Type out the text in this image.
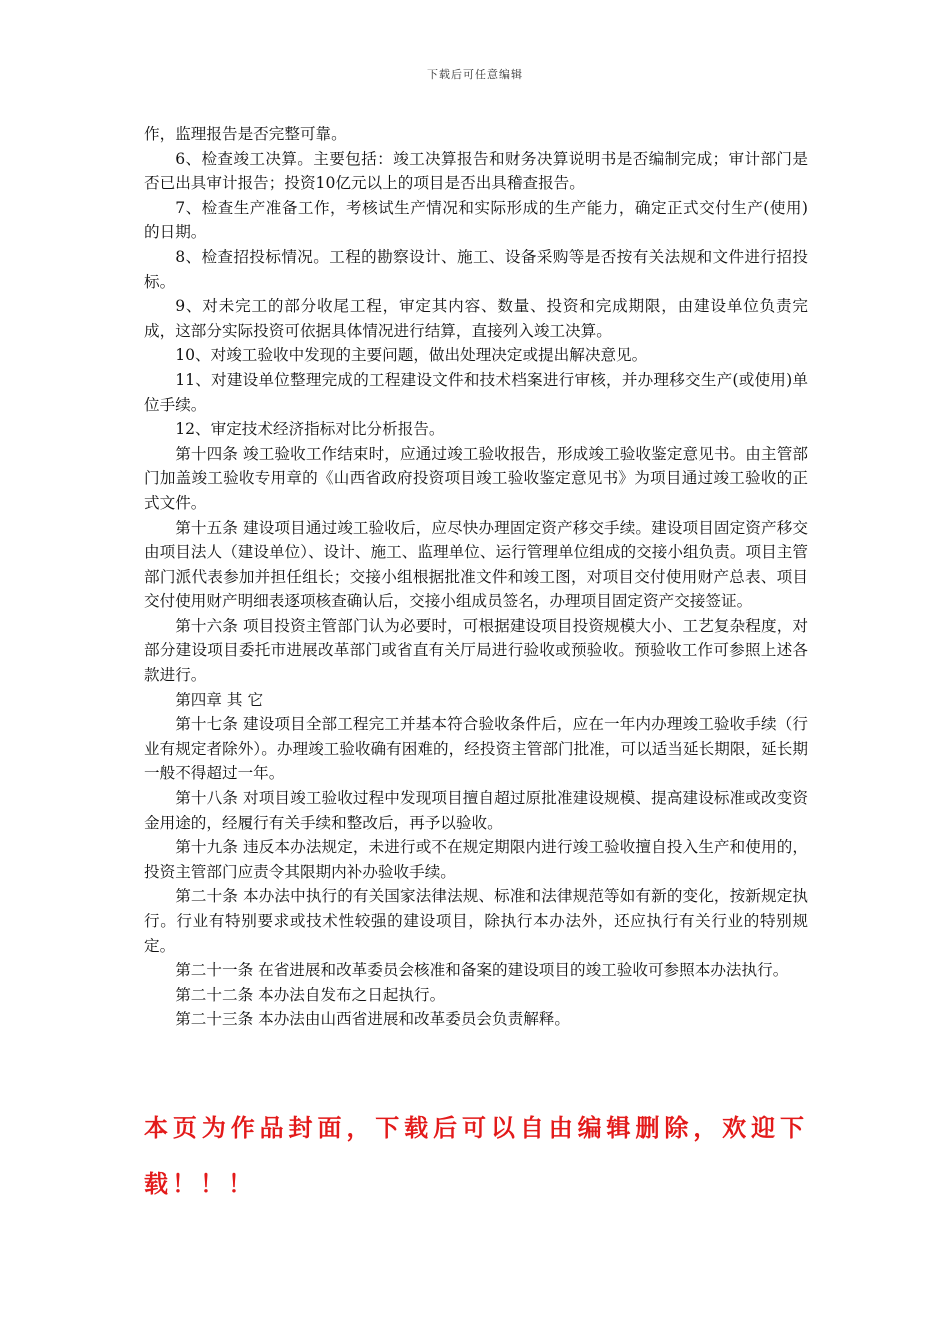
下载后可任意编辑

作，监理报告是否完整可靠。

6、检查竣工决算。主要包括：竣工决算报告和财务决算说明书是否编制完成；审计部门是否已出具审计报告；投资10亿元以上的项目是否出具稽查报告。

7、检查生产准备工作，考核试生产情况和实际形成的生产能力，确定正式交付生产(使用) 的日期。

8、检查招投标情况。工程的勘察设计、施工、设备采购等是否按有关法规和文件进行招投标。

9、对未完工的部分收尾工程，审定其内容、数量、投资和完成期限，由建设单位负责完成，这部分实际投资可依据具体情况进行结算，直接列入竣工决算。

10、对竣工验收中发现的主要问题，做出处理决定或提出解决意见。

11、对建设单位整理完成的工程建设文件和技术档案进行审核，并办理移交生产(或使用)单位手续。

12、审定技术经济指标对比分析报告。

第十四条 竣工验收工作结束时，应通过竣工验收报告，形成竣工验收鉴定意见书。由主管部门加盖竣工验收专用章的《山西省政府投资项目竣工验收鉴定意见书》为项目通过竣工验收的正式文件。

第十五条 建设项目通过竣工验收后，应尽快办理固定资产移交手续。建设项目固定资产移交由项目法人（建设单位）、设计、施工、监理单位、运行管理单位组成的交接小组负责。项目主管部门派代表参加并担任组长；交接小组根据批准文件和竣工图，对项目交付使用财产总表、项目交付使用财产明细表逐项核查确认后，交接小组成员签名，办理项目固定资产交接签证。

第十六条 项目投资主管部门认为必要时，可根据建设项目投资规模大小、工艺复杂程度，对部分建设项目委托市进展改革部门或省直有关厅局进行验收或预验收。预验收工作可参照上述各款进行。

第四章 其 它

第十七条 建设项目全部工程完工并基本符合验收条件后，应在一年内办理竣工验收手续（行业有规定者除外）。办理竣工验收确有困难的，经投资主管部门批准，可以适当延长期限，延长期一般不得超过一年。

第十八条 对项目竣工验收过程中发现项目擅自超过原批准建设规模、提高建设标准或改变资金用途的，经履行有关手续和整改后，再予以验收。

第十九条 违反本办法规定，未进行或不在规定期限内进行竣工验收擅自投入生产和使用的，投资主管部门应责令其限期内补办验收手续。

第二十条 本办法中执行的有关国家法律法规、标准和法律规范等如有新的变化，按新规定执行。行业有特别要求或技术性较强的建设项目，除执行本办法外，还应执行有关行业的特别规定。

第二十一条 在省进展和改革委员会核准和备案的建设项目的竣工验收可参照本办法执行。

第二十二条 本办法自发布之日起执行。

第二十三条 本办法由山西省进展和改革委员会负责解释。

本页为作品封面，下载后可以自由编辑删除，欢迎下载！！！
